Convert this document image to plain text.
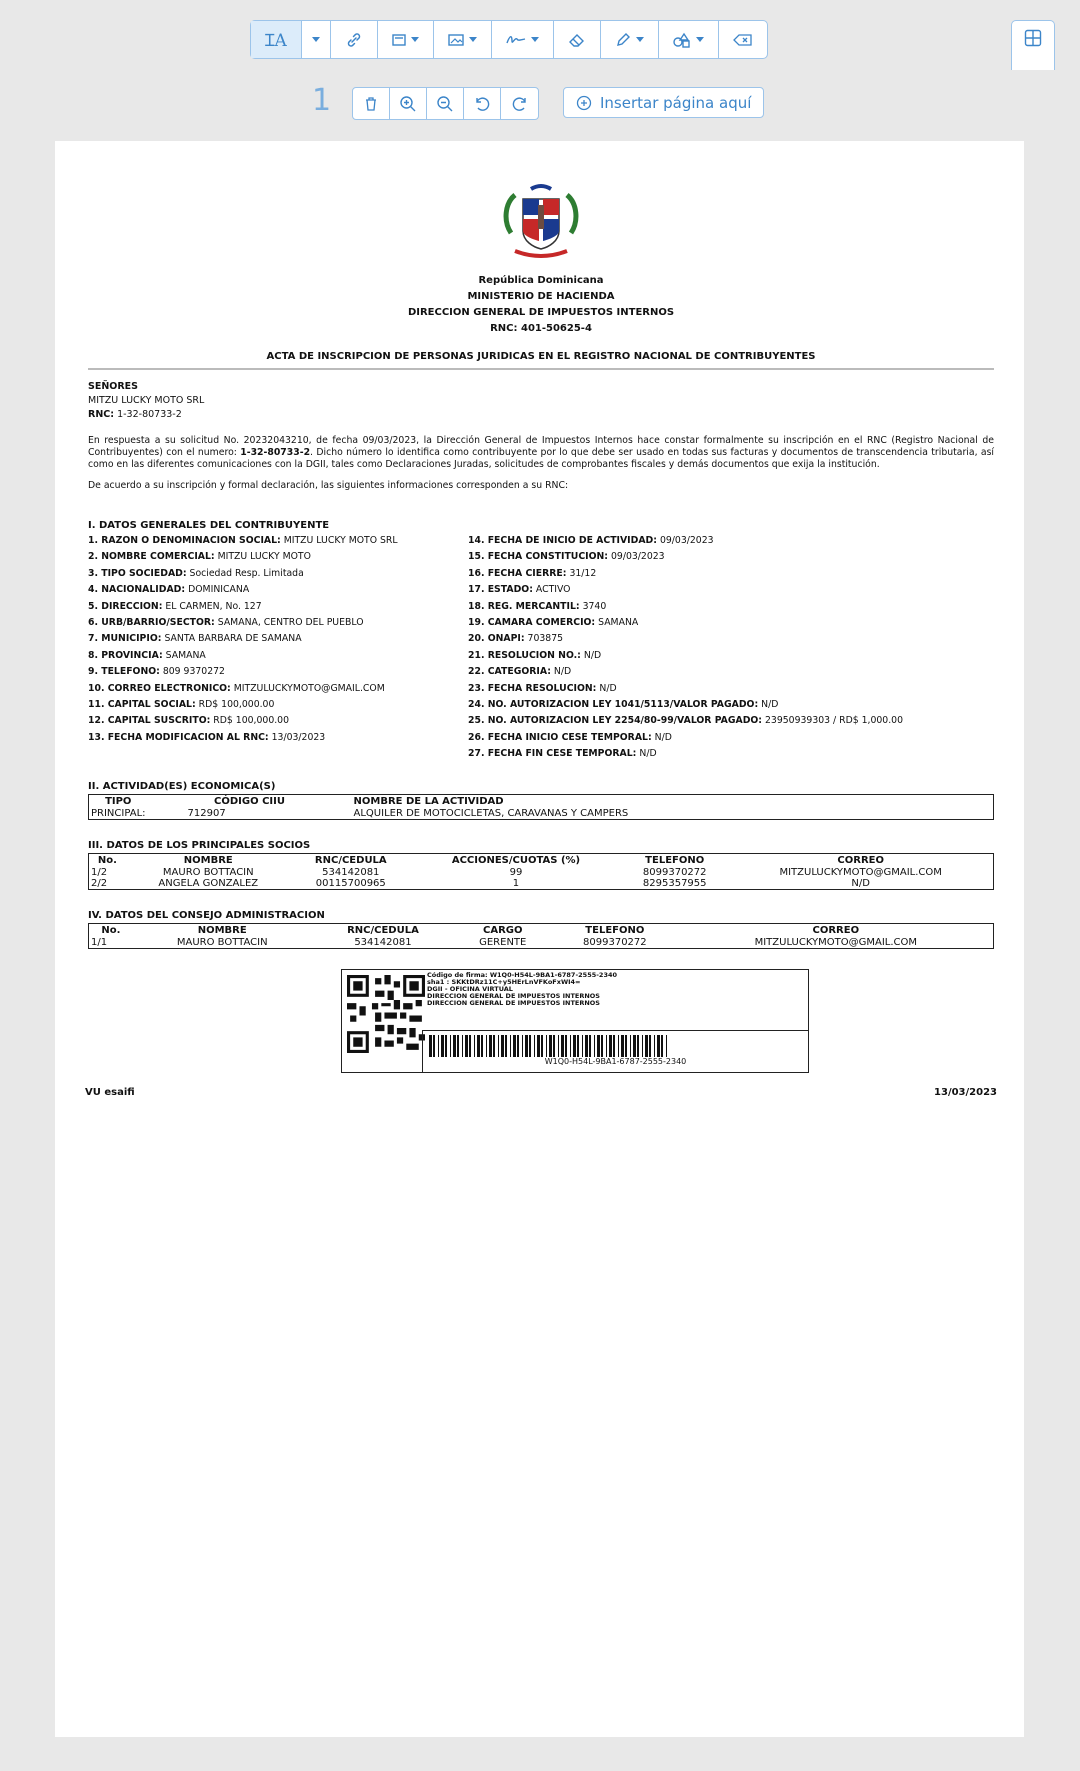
ꞮA
1	Insertar página aquí
República Dominicana
MINISTERIO DE HACIENDA
DIRECCION GENERAL DE IMPUESTOS INTERNOS
RNC: 401-50625-4
ACTA DE INSCRIPCION DE PERSONAS JURIDICAS EN EL REGISTRO NACIONAL DE CONTRIBUYENTES
SEÑORES
MITZU LUCKY MOTO SRL
RNC: 1-32-80733-2
En respuesta a su solicitud No. 20232043210, de fecha 09/03/2023, la Dirección General de Impuestos Internos hace constar formalmente su inscripción en el RNC (Registro Nacional de Contribuyentes) con el numero: 1-32-80733-2. Dicho número lo identifica como contribuyente por lo que debe ser usado en todas sus facturas y documentos de transcendencia tributaria, así como en las diferentes comunicaciones con la DGII, tales como Declaraciones Juradas, solicitudes de comprobantes fiscales y demás documentos que exija la institución.
De acuerdo a su inscripción y formal declaración, las siguientes informaciones corresponden a su RNC:
I. DATOS GENERALES DEL CONTRIBUYENTE
1. RAZON O DENOMINACION SOCIAL: MITZU LUCKY MOTO SRL
2. NOMBRE COMERCIAL: MITZU LUCKY MOTO
3. TIPO SOCIEDAD: Sociedad Resp. Limitada
4. NACIONALIDAD: DOMINICANA
5. DIRECCION: EL CARMEN, No. 127
6. URB/BARRIO/SECTOR: SAMANA, CENTRO DEL PUEBLO
7. MUNICIPIO: SANTA BARBARA DE SAMANA
8. PROVINCIA: SAMANA
9. TELEFONO: 809 9370272
10. CORREO ELECTRONICO: MITZULUCKYMOTO@GMAIL.COM
11. CAPITAL SOCIAL: RD$ 100,000.00
12. CAPITAL SUSCRITO: RD$ 100,000.00
13. FECHA MODIFICACION AL RNC: 13/03/2023
14. FECHA DE INICIO DE ACTIVIDAD: 09/03/2023
15. FECHA CONSTITUCION: 09/03/2023
16. FECHA CIERRE: 31/12
17. ESTADO: ACTIVO
18. REG. MERCANTIL: 3740
19. CAMARA COMERCIO: SAMANA
20. ONAPI: 703875
21. RESOLUCION NO.: N/D
22. CATEGORIA: N/D
23. FECHA RESOLUCION: N/D
24. NO. AUTORIZACION LEY 1041/5113/VALOR PAGADO: N/D
25. NO. AUTORIZACION LEY 2254/80-99/VALOR PAGADO: 23950939303 / RD$ 1,000.00
26. FECHA INICIO CESE TEMPORAL: N/D
27. FECHA FIN CESE TEMPORAL: N/D
II. ACTIVIDAD(ES) ECONOMICA(S)
TIPO	CÓDIGO CIIU	NOMBRE DE LA ACTIVIDAD
PRINCIPAL:	712907	ALQUILER DE MOTOCICLETAS, CARAVANAS Y CAMPERS
III. DATOS DE LOS PRINCIPALES SOCIOS
No.	NOMBRE	RNC/CEDULA	ACCIONES/CUOTAS (%)	TELEFONO	CORREO
1/2	MAURO BOTTACIN	534142081	99	8099370272	MITZULUCKYMOTO@GMAIL.COM
2/2	ANGELA GONZALEZ	00115700965	1	8295357955	N/D
IV. DATOS DEL CONSEJO ADMINISTRACION
No.	NOMBRE	RNC/CEDULA	CARGO	TELEFONO	CORREO
1/1	MAURO BOTTACIN	534142081	GERENTE	8099370272	MITZULUCKYMOTO@GMAIL.COM
Código de firma: W1Q0-H54L-9BA1-6787-2555-2340
sha1 : SKKtDRz11C+y5HErLnVFKoFxWI4=
DGII - OFICINA VIRTUAL
DIRECCION GENERAL DE IMPUESTOS INTERNOS
DIRECCION GENERAL DE IMPUESTOS INTERNOS
W1Q0-H54L-9BA1-6787-2555-2340
VU esaifi	13/03/2023
